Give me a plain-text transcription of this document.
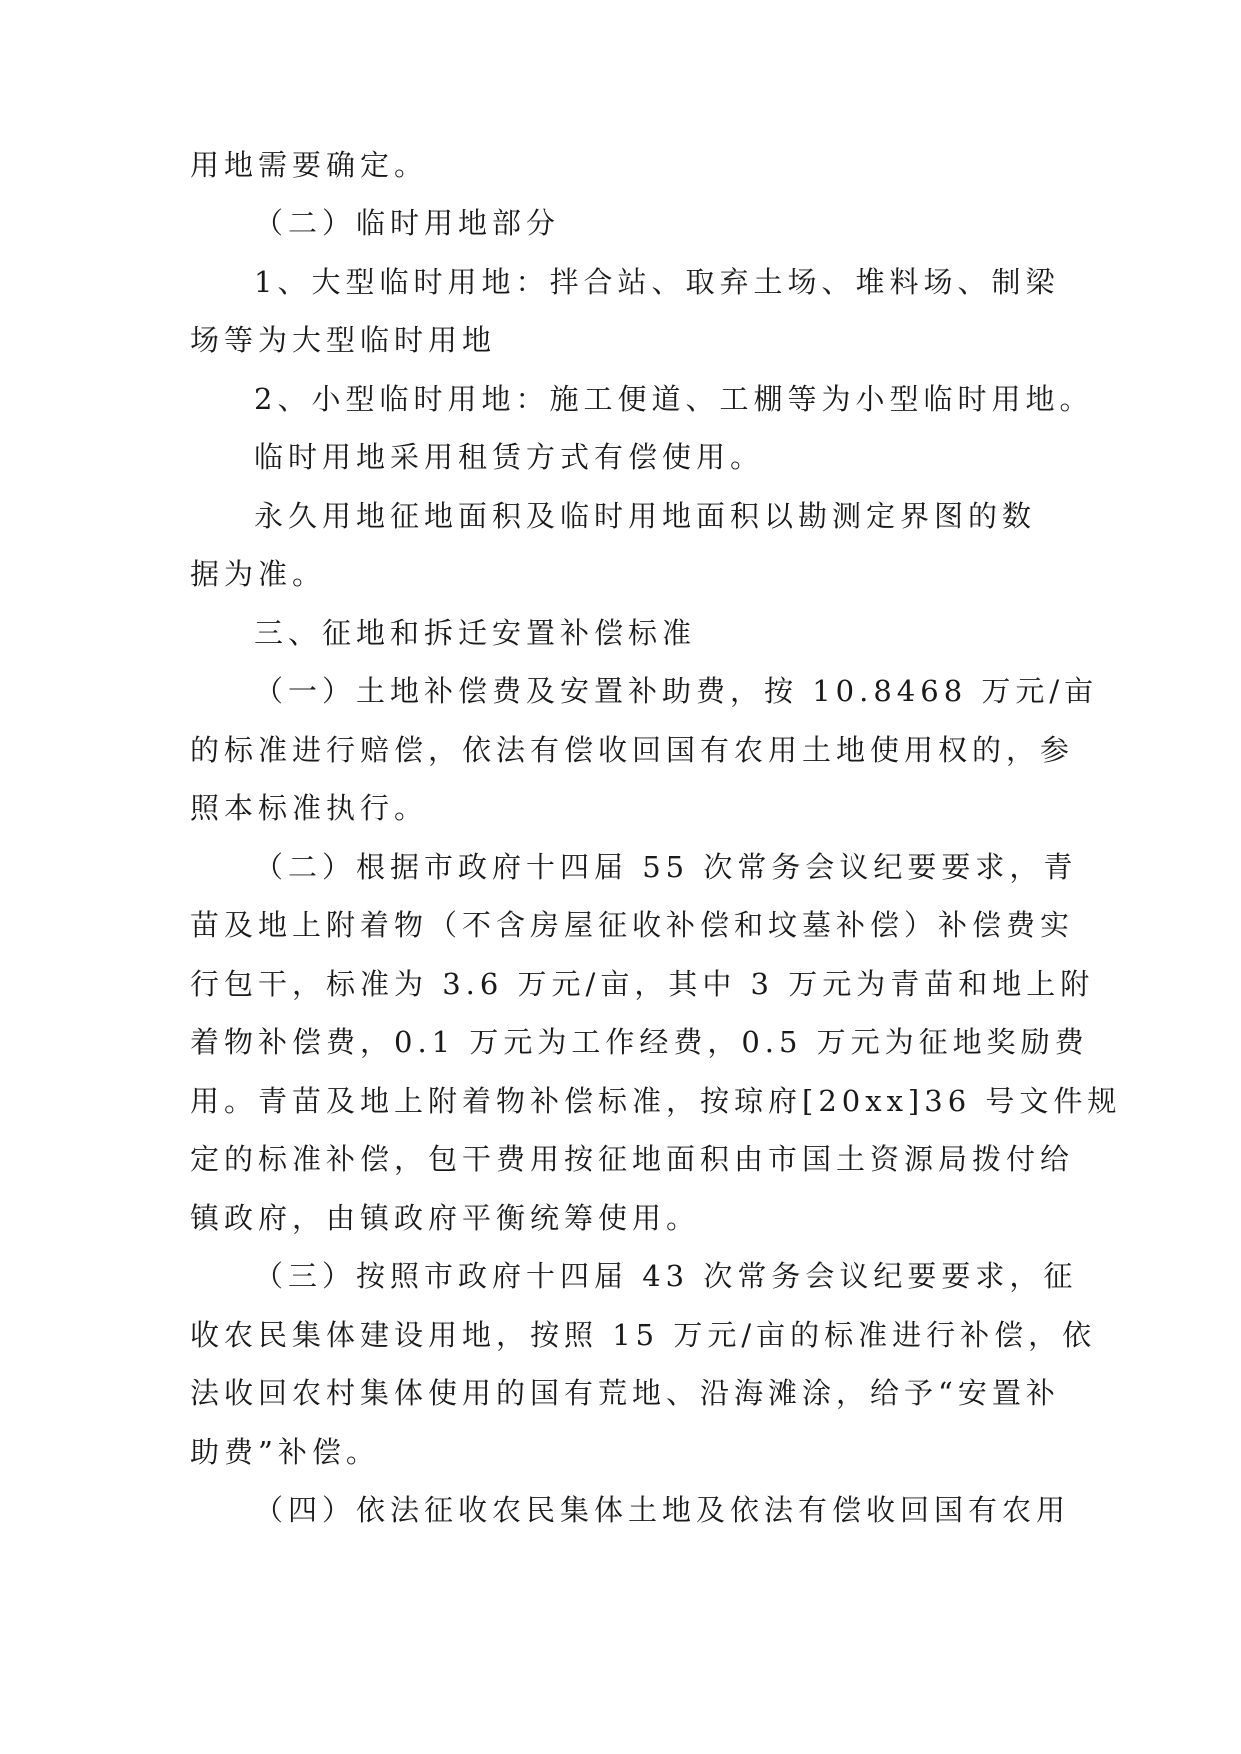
用地需要确定。
（二）临时用地部分
1、大型临时用地：拌合站、取弃土场、堆料场、制梁
场等为大型临时用地
2、小型临时用地：施工便道、工棚等为小型临时用地。
临时用地采用租赁方式有偿使用。
永久用地征地面积及临时用地面积以勘测定界图的数
据为准。
三、征地和拆迁安置补偿标准
（一）土地补偿费及安置补助费，按 10.8468 万元/亩
的标准进行赔偿，依法有偿收回国有农用土地使用权的，参
照本标准执行。
（二）根据市政府十四届 55 次常务会议纪要要求，青
苗及地上附着物（不含房屋征收补偿和坟墓补偿）补偿费实
行包干，标准为 3.6 万元/亩，其中 3 万元为青苗和地上附
着物补偿费，0.1 万元为工作经费，0.5 万元为征地奖励费
用。青苗及地上附着物补偿标准，按琼府[20xx]36 号文件规
定的标准补偿，包干费用按征地面积由市国土资源局拨付给
镇政府，由镇政府平衡统筹使用。
（三）按照市政府十四届 43 次常务会议纪要要求，征
收农民集体建设用地，按照 15 万元/亩的标准进行补偿，依
法收回农村集体使用的国有荒地、沿海滩涂，给予“安置补
助费”补偿。
（四）依法征收农民集体土地及依法有偿收回国有农用
